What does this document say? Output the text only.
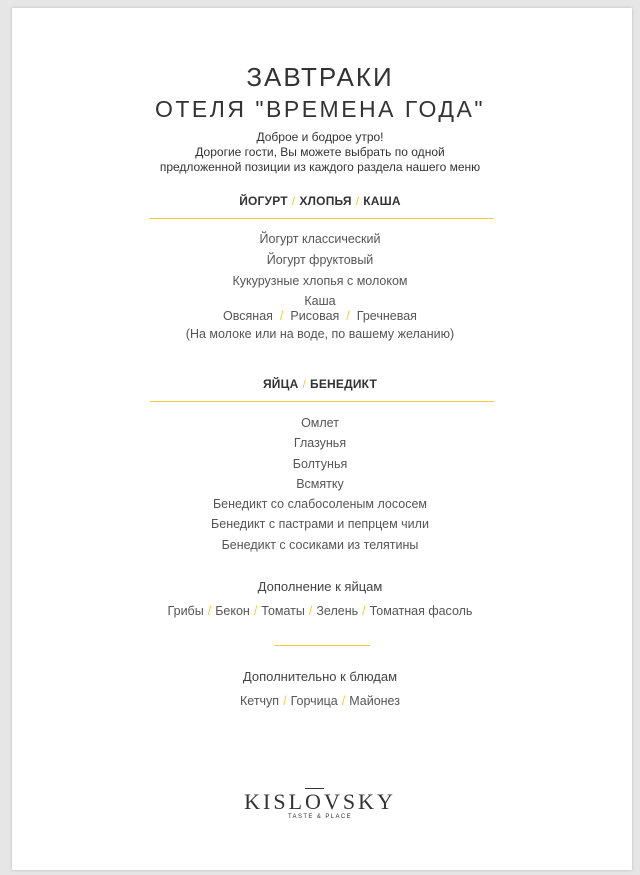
ЗАВТРАКИ
ОТЕЛЯ "ВРЕМЕНА ГОДА"
Доброе и бодрое утро!
Дорогие гости, Вы можете выбрать по одной
предложенной позиции из каждого раздела нашего меню
ЙОГУРТ / ХЛОПЬЯ / КАША
Йогурт классический
Йогурт фруктовый
Кукурузные хлопья с молоком
Каша
Овсяная / Рисовая / Гречневая
(На молоке или на воде, по вашему желанию)
ЯЙЦА / БЕНЕДИКТ
Омлет
Глазунья
Болтунья
Всмятку
Бенедикт со слабосоленым лососем
Бенедикт с пастрами и пепрцем чили
Бенедикт с сосиками из телятины
Дополнение к яйцам
Грибы / Бекон / Томаты / Зелень / Томатная фасоль
Дополнительно к блюдам
Кетчуп / Горчица / Майонез
$KISL\overline{O}VSKY$
TASTE & PLACE
